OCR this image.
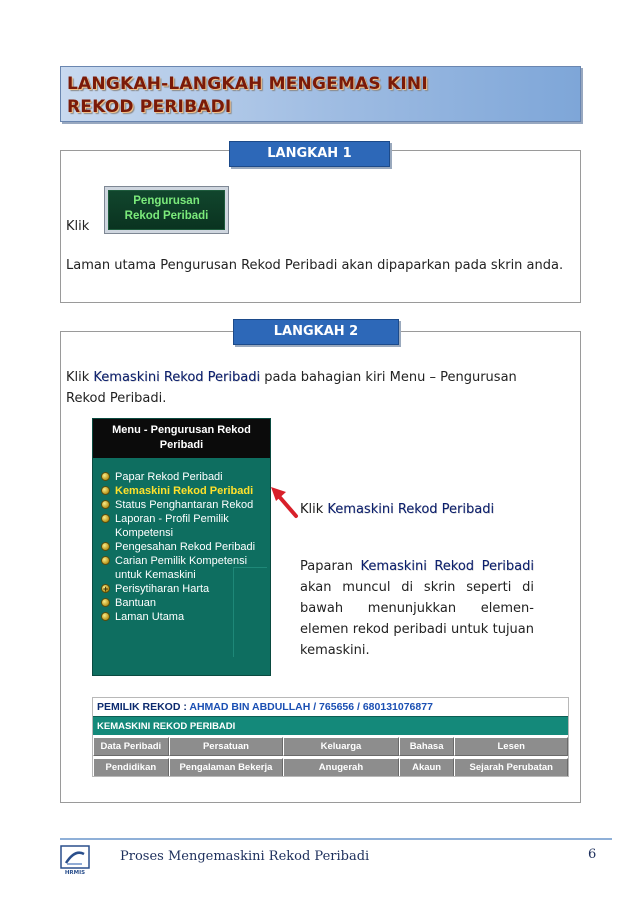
LANGKAH-LANGKAH MENGEMAS KINI
REKOD PERIBADI
LANGKAH 1
Klik
Pengurusan
Rekod Peribadi
Laman utama Pengurusan Rekod Peribadi akan dipaparkan pada skrin anda.
LANGKAH 2
Klik Kemaskini Rekod Peribadi pada bahagian kiri Menu – Pengurusan Rekod Peribadi.
Menu - Pengurusan Rekod Peribadi
Papar Rekod Peribadi
Kemaskini Rekod Peribadi
Status Penghantaran Rekod
Laporan - Profil Pemilik Kompetensi
Pengesahan Rekod Peribadi
Carian Pemilik Kompetensi untuk Kemaskini
+
Perisytiharan Harta
Bantuan
Laman Utama
Klik Kemaskini Rekod Peribadi
Paparan Kemaskini Rekod Peribadi akan muncul di skrin seperti di bawah menunjukkan elemen-elemen rekod peribadi untuk tujuan kemaskini.
PEMILIK REKOD : AHMAD BIN ABDULLAH / 765656 / 680131076877
KEMASKINI REKOD PERIBADI
Data Peribadi	Persatuan	Keluarga	Bahasa	Lesen
Pendidikan	Pengalaman Bekerja	Anugerah	Akaun	Sejarah Perubatan
HRMIS
Proses Mengemaskini Rekod Peribadi	6
